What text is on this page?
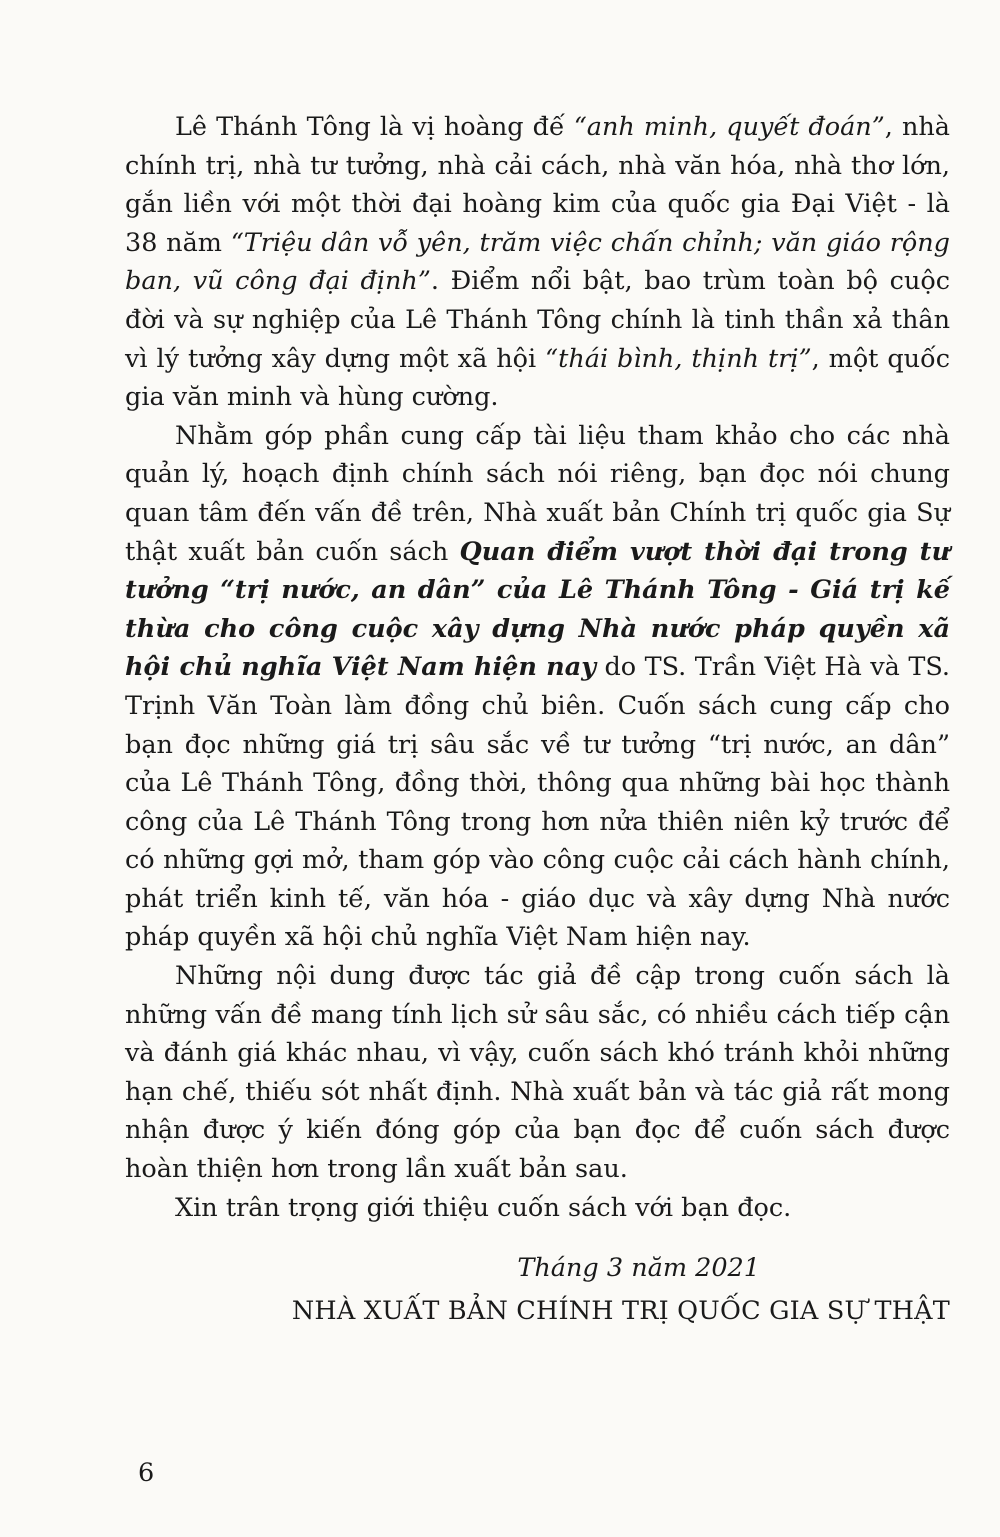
Lê Thánh Tông là vị hoàng đế “anh minh, quyết đoán”, nhà chính trị, nhà tư tưởng, nhà cải cách, nhà văn hóa, nhà thơ lớn, gắn liền với một thời đại hoàng kim của quốc gia Đại Việt - là 38 năm “Triệu dân vỗ yên, trăm việc chấn chỉnh; văn giáo rộng ban, vũ công đại định”. Điểm nổi bật, bao trùm toàn bộ cuộc đời và sự nghiệp của Lê Thánh Tông chính là tinh thần xả thân vì lý tưởng xây dựng một xã hội “thái bình, thịnh trị”, một quốc gia văn minh và hùng cường.

Nhằm góp phần cung cấp tài liệu tham khảo cho các nhà quản lý, hoạch định chính sách nói riêng, bạn đọc nói chung quan tâm đến vấn đề trên, Nhà xuất bản Chính trị quốc gia Sự thật xuất bản cuốn sách Quan điểm vượt thời đại trong tư tưởng “trị nước, an dân” của Lê Thánh Tông - Giá trị kế thừa cho công cuộc xây dựng Nhà nước pháp quyền xã hội chủ nghĩa Việt Nam hiện nay do TS. Trần Việt Hà và TS. Trịnh Văn Toàn làm đồng chủ biên. Cuốn sách cung cấp cho bạn đọc những giá trị sâu sắc về tư tưởng “trị nước, an dân” của Lê Thánh Tông, đồng thời, thông qua những bài học thành công của Lê Thánh Tông trong hơn nửa thiên niên kỷ trước để có những gợi mở, tham góp vào công cuộc cải cách hành chính, phát triển kinh tế, văn hóa - giáo dục và xây dựng Nhà nước pháp quyền xã hội chủ nghĩa Việt Nam hiện nay.

Những nội dung được tác giả đề cập trong cuốn sách là những vấn đề mang tính lịch sử sâu sắc, có nhiều cách tiếp cận và đánh giá khác nhau, vì vậy, cuốn sách khó tránh khỏi những hạn chế, thiếu sót nhất định. Nhà xuất bản và tác giả rất mong nhận được ý kiến đóng góp của bạn đọc để cuốn sách được hoàn thiện hơn trong lần xuất bản sau.

Xin trân trọng giới thiệu cuốn sách với bạn đọc.

Tháng 3 năm 2021

NHÀ XUẤT BẢN CHÍNH TRỊ QUỐC GIA SỰ THẬT

6
